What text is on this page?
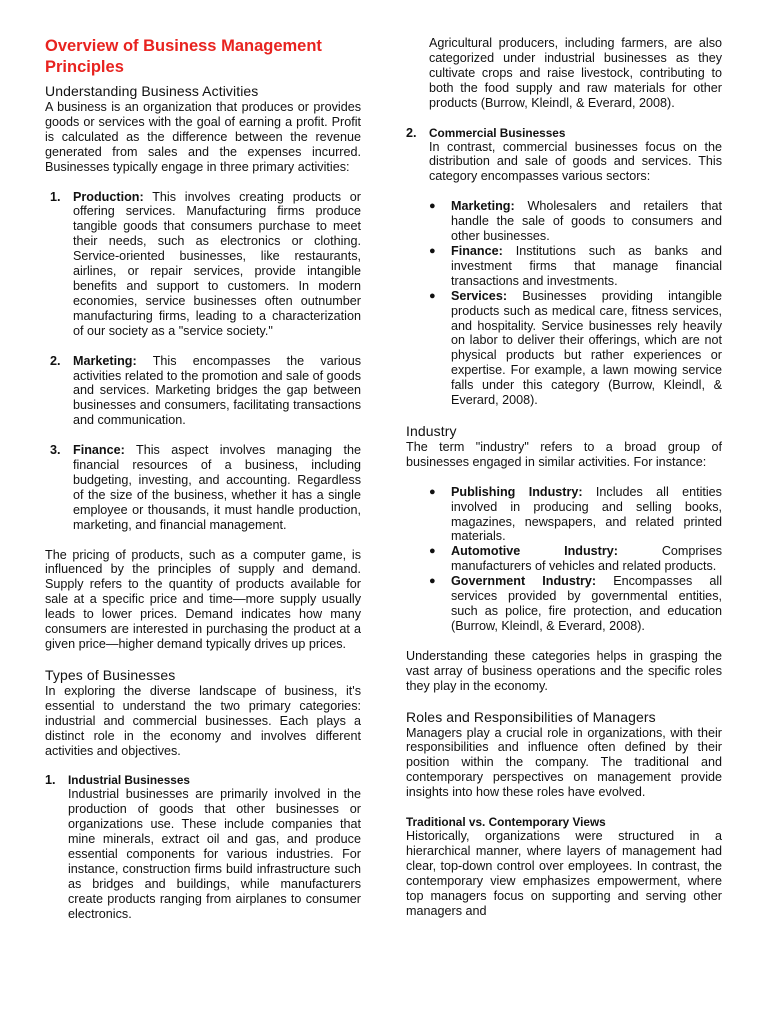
Overview of Business Management Principles
Understanding Business Activities

A business is an organization that produces or provides goods or services with the goal of earning a profit. Profit is calculated as the difference between the revenue generated from sales and the expenses incurred. Businesses typically engage in three primary activities:

1. Production: This involves creating products or offering services. Manufacturing firms produce tangible goods that consumers purchase to meet their needs, such as electronics or clothing. Service-oriented businesses, like restaurants, airlines, or repair services, provide intangible benefits and support to customers. In modern economies, service businesses often outnumber manufacturing firms, leading to a characterization of our society as a "service society."
2. Marketing: This encompasses the various activities related to the promotion and sale of goods and services. Marketing bridges the gap between businesses and consumers, facilitating transactions and communication.
3. Finance: This aspect involves managing the financial resources of a business, including budgeting, investing, and accounting. Regardless of the size of the business, whether it has a single employee or thousands, it must handle production, marketing, and financial management.

The pricing of products, such as a computer game, is influenced by the principles of supply and demand. Supply refers to the quantity of products available for sale at a specific price and time—more supply usually leads to lower prices. Demand indicates how many consumers are interested in purchasing the product at a given price—higher demand typically drives up prices.

Types of Businesses

In exploring the diverse landscape of business, it's essential to understand the two primary categories: industrial and commercial businesses. Each plays a distinct role in the economy and involves different activities and objectives.

1. Industrial Businesses

Industrial businesses are primarily involved in the production of goods that other businesses or organizations use. These include companies that mine minerals, extract oil and gas, and produce essential components for various industries. For instance, construction firms build infrastructure such as bridges and buildings, while manufacturers create products ranging from airplanes to consumer electronics.

Agricultural producers, including farmers, are also categorized under industrial businesses as they cultivate crops and raise livestock, contributing to both the food supply and raw materials for other products (Burrow, Kleindl, & Everard, 2008).

2. Commercial Businesses

In contrast, commercial businesses focus on the distribution and sale of goods and services. This category encompasses various sectors:

● Marketing: Wholesalers and retailers that handle the sale of goods to consumers and other businesses.
● Finance: Institutions such as banks and investment firms that manage financial transactions and investments.
● Services: Businesses providing intangible products such as medical care, fitness services, and hospitality. Service businesses rely heavily on labor to deliver their offerings, which are not physical products but rather experiences or expertise. For example, a lawn mowing service falls under this category (Burrow, Kleindl, & Everard, 2008).
Industry

The term "industry" refers to a broad group of businesses engaged in similar activities. For instance:

● Publishing Industry: Includes all entities involved in producing and selling books, magazines, newspapers, and related printed materials.
● Automotive Industry: Comprises manufacturers of vehicles and related products.
● Government Industry: Encompasses all services provided by governmental entities, such as police, fire protection, and education (Burrow, Kleindl, & Everard, 2008).

Understanding these categories helps in grasping the vast array of business operations and the specific roles they play in the economy.

Roles and Responsibilities of Managers

Managers play a crucial role in organizations, with their responsibilities and influence often defined by their position within the company. The traditional and contemporary perspectives on management provide insights into how these roles have evolved.

Traditional vs. Contemporary Views

Historically, organizations were structured in a hierarchical manner, where layers of management had clear, top-down control over employees. In contrast, the contemporary view emphasizes empowerment, where top managers focus on supporting and serving other managers and
